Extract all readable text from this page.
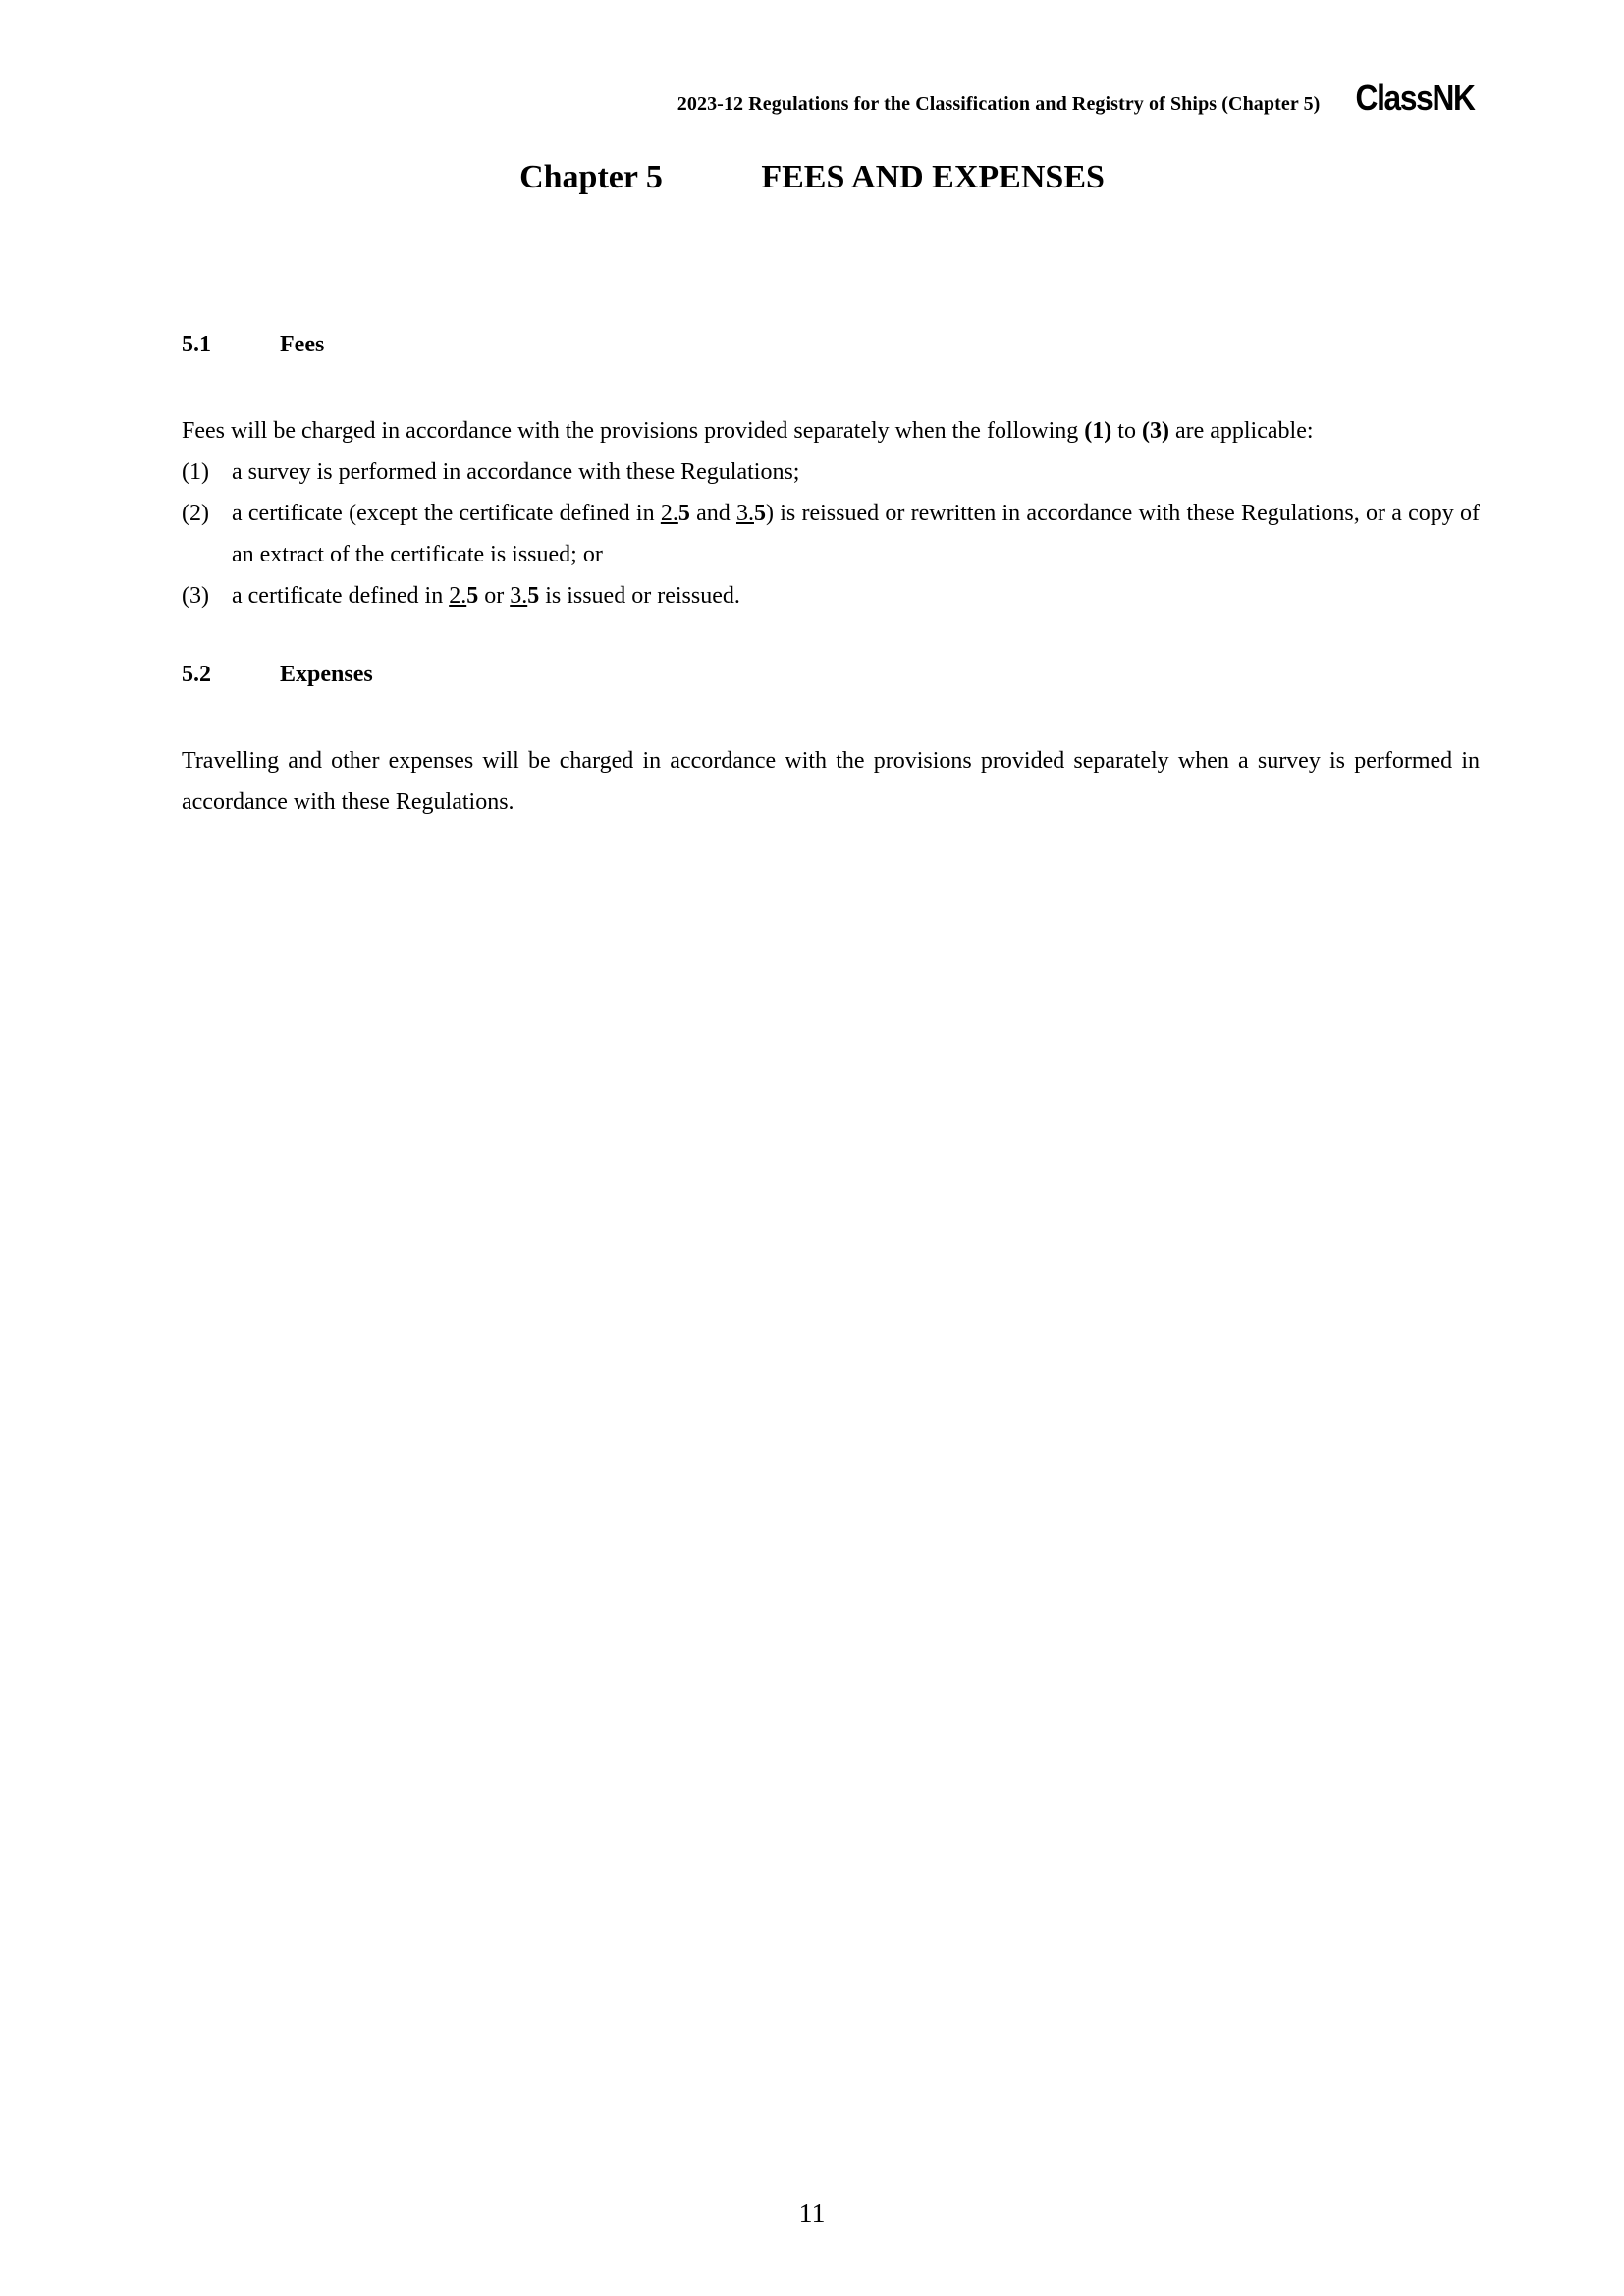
2023-12 Regulations for the Classification and Registry of Ships (Chapter 5) ClassNK
Chapter 5	FEES AND EXPENSES
5.1	Fees

Fees will be charged in accordance with the provisions provided separately when the following (1) to (3) are applicable:

(1) a survey is performed in accordance with these Regulations;
(2) a certificate (except the certificate defined in 2.5 and 3.5) is reissued or rewritten in accordance with these Regulations, or a copy of an extract of the certificate is issued; or
(3) a certificate defined in 2.5 or 3.5 is issued or reissued.
5.2	Expenses

Travelling and other expenses will be charged in accordance with the provisions provided separately when a survey is performed in accordance with these Regulations.

11
